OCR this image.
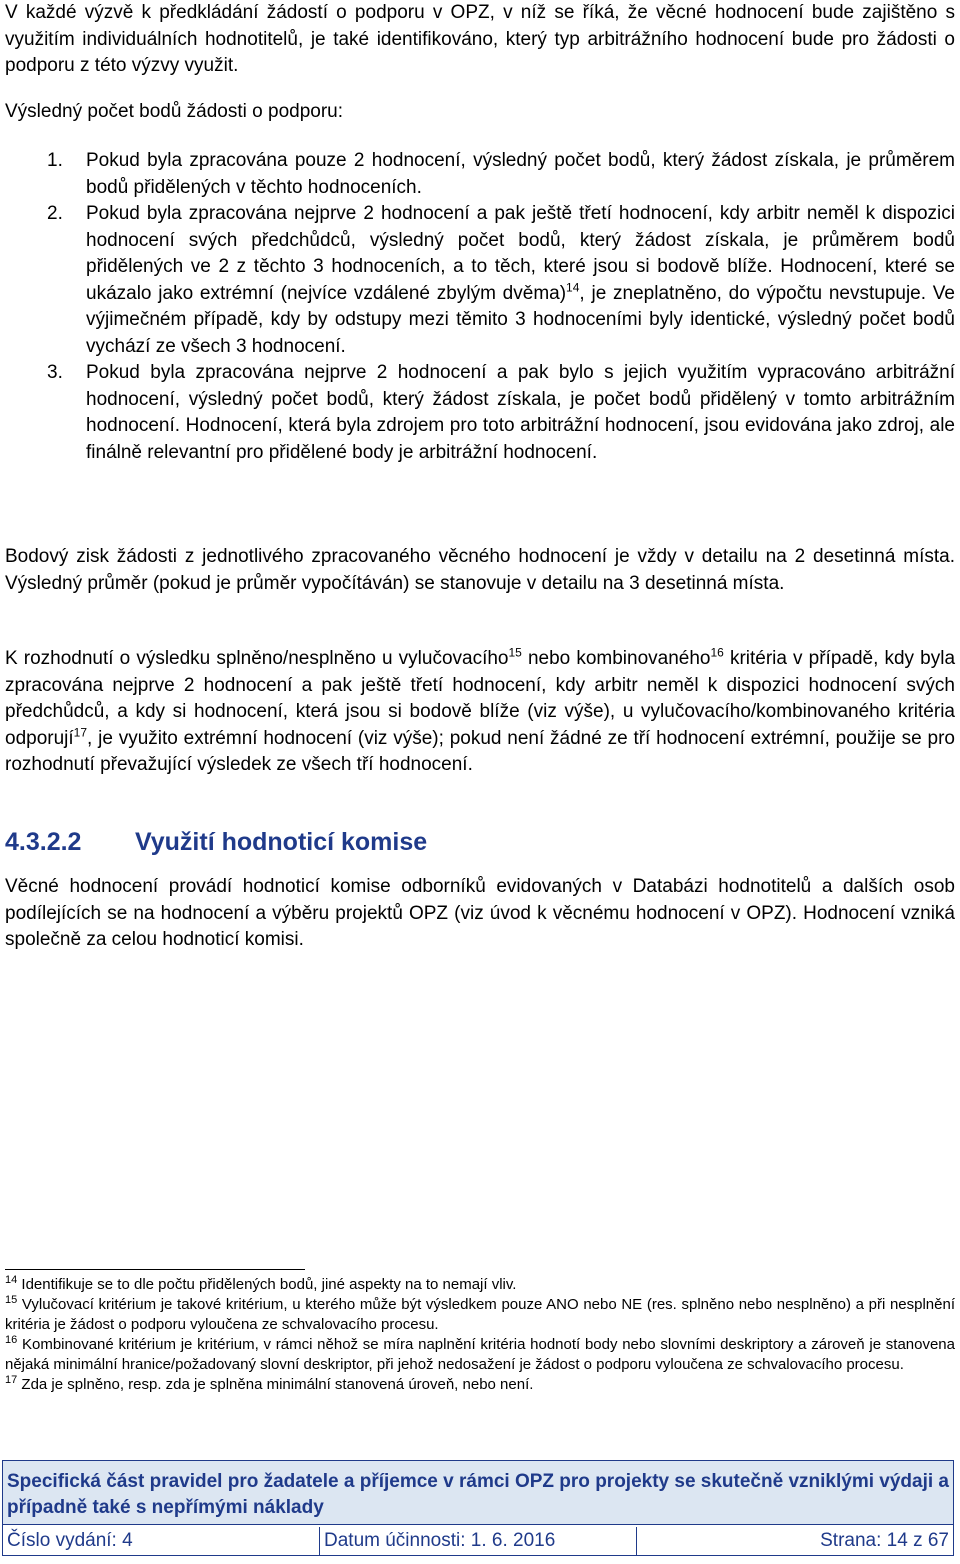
V každé výzvě k předkládání žádostí o podporu v OPZ, v níž se říká, že věcné hodnocení bude zajištěno s využitím individuálních hodnotitelů, je také identifikováno, který typ arbitrážního hodnocení bude pro žádosti o podporu z této výzvy využit.

Výsledný počet bodů žádosti o podporu:

1. Pokud byla zpracována pouze 2 hodnocení, výsledný počet bodů, který žádost získala, je průměrem bodů přidělených v těchto hodnoceních.
2. Pokud byla zpracována nejprve 2 hodnocení a pak ještě třetí hodnocení, kdy arbitr neměl k dispozici hodnocení svých předchůdců, výsledný počet bodů, který žádost získala, je průměrem bodů přidělených ve 2 z těchto 3 hodnoceních, a to těch, které jsou si bodově blíže. Hodnocení, které se ukázalo jako extrémní (nejvíce vzdálené zbylým dvěma)$^{14}$, je zneplatněno, do výpočtu nevstupuje. Ve výjimečném případě, kdy by odstupy mezi těmito 3 hodnoceními byly identické, výsledný počet bodů vychází ze všech 3 hodnocení.
3. Pokud byla zpracována nejprve 2 hodnocení a pak bylo s jejich využitím vypracováno arbitrážní hodnocení, výsledný počet bodů, který žádost získala, je počet bodů přidělený v tomto arbitrážním hodnocení. Hodnocení, která byla zdrojem pro toto arbitrážní hodnocení, jsou evidována jako zdroj, ale finálně relevantní pro přidělené body je arbitrážní hodnocení.

Bodový zisk žádosti z jednotlivého zpracovaného věcného hodnocení je vždy v detailu na 2 desetinná místa. Výsledný průměr (pokud je průměr vypočítáván) se stanovuje v detailu na 3 desetinná místa.

K rozhodnutí o výsledku splněno/nesplněno u vylučovacího$^{15}$ nebo kombinovaného$^{16}$ kritéria v případě, kdy byla zpracována nejprve 2 hodnocení a pak ještě třetí hodnocení, kdy arbitr neměl k dispozici hodnocení svých předchůdců, a kdy si hodnocení, která jsou si bodově blíže (viz výše), u vylučovacího/kombinovaného kritéria odporují$^{17}$, je využito extrémní hodnocení (viz výše); pokud není žádné ze tří hodnocení extrémní, použije se pro rozhodnutí převažující výsledek ze všech tří hodnocení.

4.3.2.2 Využití hodnoticí komise

Věcné hodnocení provádí hodnoticí komise odborníků evidovaných v Databázi hodnotitelů a dalších osob podílejících se na hodnocení a výběru projektů OPZ (viz úvod k věcnému hodnocení v OPZ). Hodnocení vzniká společně za celou hodnoticí komisi.

$^{14}$ Identifikuje se to dle počtu přidělených bodů, jiné aspekty na to nemají vliv.

$^{15}$ Vylučovací kritérium je takové kritérium, u kterého může být výsledkem pouze ANO nebo NE (res. splněno nebo nesplněno) a při nesplnění kritéria je žádost o podporu vyloučena ze schvalovacího procesu.

$^{16}$ Kombinované kritérium je kritérium, v rámci něhož se míra naplnění kritéria hodnotí body nebo slovními deskriptory a zároveň je stanovena nějaká minimální hranice/požadovaný slovní deskriptor, při jehož nedosažení je žádost o podporu vyloučena ze schvalovacího procesu.

$^{17}$ Zda je splněno, resp. zda je splněna minimální stanovená úroveň, nebo není.

Specifická část pravidel pro žadatele a příjemce v rámci OPZ pro projekty se skutečně vzniklými výdaji a případně také s nepřímými náklady
Číslo vydání: 4	Datum účinnosti: 1. 6. 2016	Strana: 14 z 67
